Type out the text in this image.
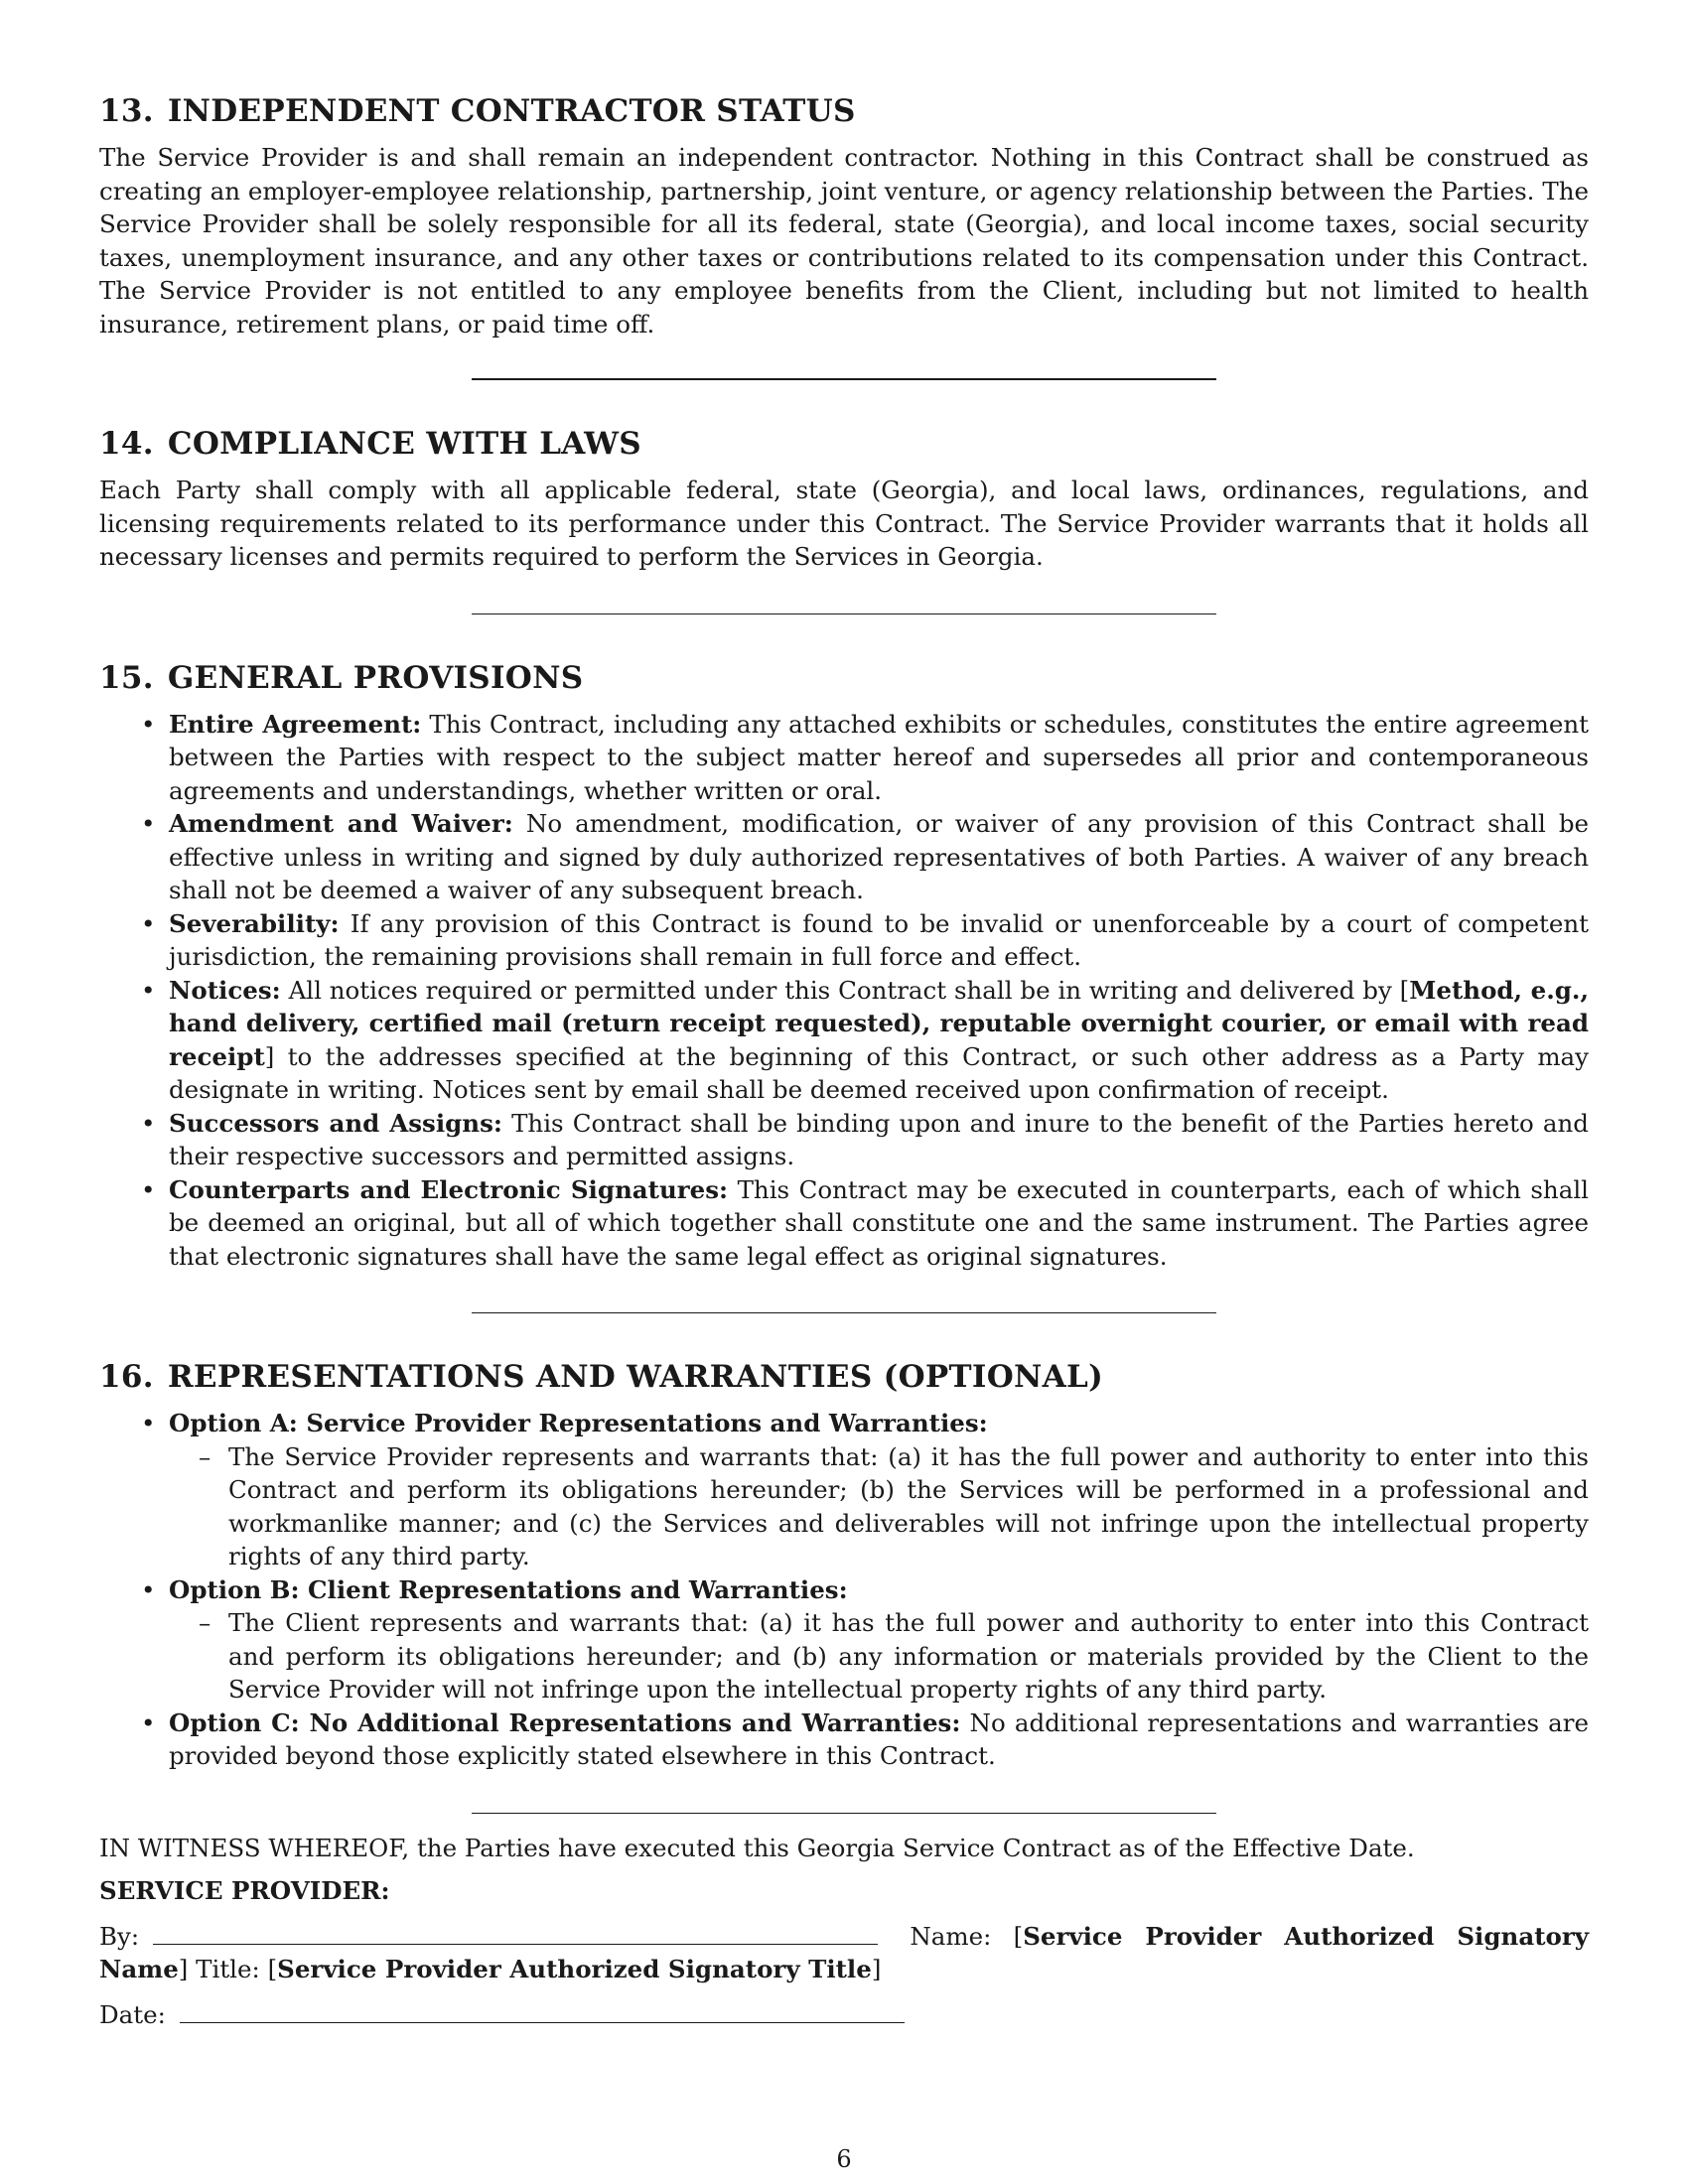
13. INDEPENDENT CONTRACTOR STATUS

The Service Provider is and shall remain an independent contractor. Nothing in this Contract shall be construed as creating an employer-employee relationship, partnership, joint venture, or agency relationship between the Parties. The Service Provider shall be solely responsible for all its federal, state (Georgia), and local income taxes, social security taxes, unemployment insurance, and any other taxes or contributions related to its compensation under this Contract. The Service Provider is not entitled to any employee benefits from the Client, including but not limited to health insurance, retirement plans, or paid time off.

14. COMPLIANCE WITH LAWS

Each Party shall comply with all applicable federal, state (Georgia), and local laws, ordinances, regulations, and licensing requirements related to its performance under this Contract. The Service Provider warrants that it holds all necessary licenses and permits required to perform the Services in Georgia.

15. GENERAL PROVISIONS
• Entire Agreement: This Contract, including any attached exhibits or schedules, constitutes the entire agreement between the Parties with respect to the subject matter hereof and supersedes all prior and contemporaneous agreements and understandings, whether written or oral.
• Amendment and Waiver: No amendment, modification, or waiver of any provision of this Contract shall be effective unless in writing and signed by duly authorized representatives of both Parties. A waiver of any breach shall not be deemed a waiver of any subsequent breach.
• Severability: If any provision of this Contract is found to be invalid or unenforceable by a court of competent jurisdiction, the remaining provisions shall remain in full force and effect.
• Notices: All notices required or permitted under this Contract shall be in writing and delivered by [Method, e.g., hand delivery, certified mail (return receipt requested), reputable overnight courier, or email with read receipt] to the addresses specified at the beginning of this Contract, or such other address as a Party may designate in writing. Notices sent by email shall be deemed received upon confirmation of receipt.
• Successors and Assigns: This Contract shall be binding upon and inure to the benefit of the Parties hereto and their respective successors and permitted assigns.
• Counterparts and Electronic Signatures: This Contract may be executed in counterparts, each of which shall be deemed an original, but all of which together shall constitute one and the same instrument. The Parties agree that electronic signatures shall have the same legal effect as original signatures.
16. REPRESENTATIONS AND WARRANTIES (OPTIONAL)
• Option A: Service Provider Representations and Warranties:
– The Service Provider represents and warrants that: (a) it has the full power and authority to enter into this Contract and perform its obligations hereunder; (b) the Services will be performed in a professional and workmanlike manner; and (c) the Services and deliverables will not infringe upon the intellectual property rights of any third party.
• Option B: Client Representations and Warranties:
– The Client represents and warrants that: (a) it has the full power and authority to enter into this Contract and perform its obligations hereunder; and (b) any information or materials provided by the Client to the Service Provider will not infringe upon the intellectual property rights of any third party.
• Option C: No Additional Representations and Warranties: No additional representations and warranties are provided beyond those explicitly stated elsewhere in this Contract.

IN WITNESS WHEREOF, the Parties have executed this Georgia Service Contract as of the Effective Date.

SERVICE PROVIDER:

By:	Name: [Service Provider Authorized Signatory Name] Title: [Service Provider Authorized Signatory Title]

Date:

6
